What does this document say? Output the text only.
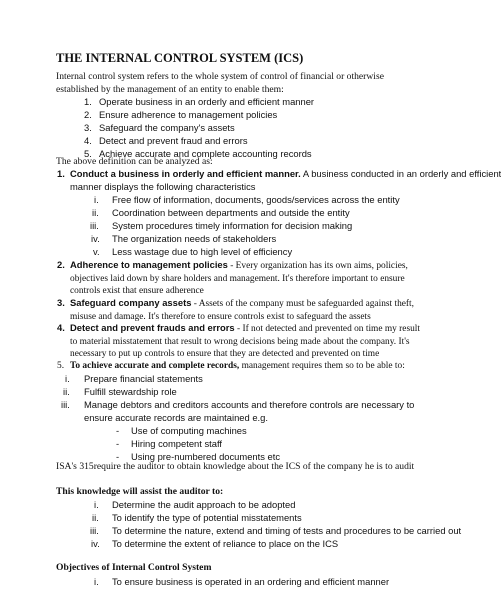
THE INTERNAL CONTROL SYSTEM (ICS)
Internal control system refers to the whole system of control of financial or otherwise established by the management of an entity to enable them:
1. Operate business in an orderly and efficient manner
2. Ensure adherence to management policies
3. Safeguard the company's assets
4. Detect and prevent fraud and errors
5. Achieve accurate and complete accounting records
The above definition can be analyzed as:
1. Conduct a business in orderly and efficient manner. A business conducted in an orderly and efficient
manner displays the following characteristics
i. Free flow of information, documents, goods/services across the entity
ii. Coordination between departments and outside the entity
iii. System procedures timely information for decision making
iv. The organization needs of stakeholders
v. Less wastage due to high level of efficiency
2. Adherence to management policies - Every organization has its own aims, policies, objectives laid down by share holders and management. It's therefore important to ensure controls exist that ensure adherence
3. Safeguard company assets - Assets of the company must be safeguarded against theft, misuse and damage. It's therefore to ensure controls exist to safeguard the assets
4. Detect and prevent frauds and errors - If not detected and prevented on time my result to material misstatement that result to wrong decisions being made about the company. It's necessary to put up controls to ensure that they are detected and prevented on time
5. To achieve accurate and complete records, management requires them so to be able to:
i. Prepare financial statements
ii. Fulfill stewardship role
iii. Manage debtors and creditors accounts and therefore controls are necessary to ensure accurate records are maintained e.g.
- Use of computing machines
- Hiring competent staff
- Using pre-numbered documents etc
ISA's 315require the auditor to obtain knowledge about the ICS of the company he is to audit
This knowledge will assist the auditor to:
i. Determine the audit approach to be adopted
ii. To identify the type of potential misstatements
iii. To determine the nature, extend and timing of tests and procedures to be carried out
iv. To determine the extent of reliance to place on the ICS
Objectives of Internal Control System
i. To ensure business is operated in an ordering and efficient manner
